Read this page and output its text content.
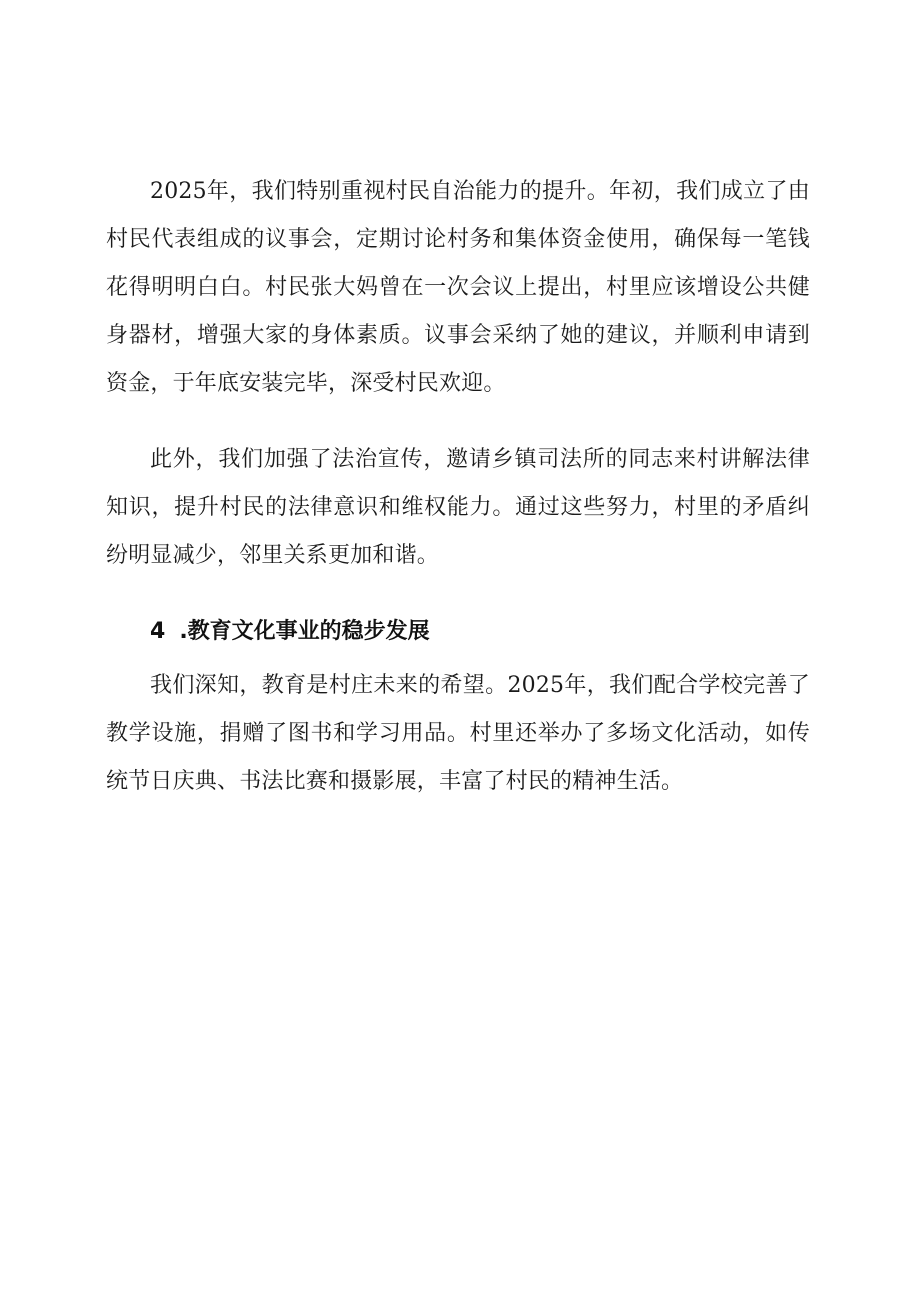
2025年，我们特别重视村民自治能力的提升。年初，我们成立了由村民代表组成的议事会，定期讨论村务和集体资金使用，确保每一笔钱花得明明白白。村民张大妈曾在一次会议上提出，村里应该增设公共健身器材，增强大家的身体素质。议事会采纳了她的建议，并顺利申请到资金，于年底安装完毕，深受村民欢迎。

此外，我们加强了法治宣传，邀请乡镇司法所的同志来村讲解法律知识，提升村民的法律意识和维权能力。通过这些努力，村里的矛盾纠纷明显减少，邻里关系更加和谐。

4 .教育文化事业的稳步发展

我们深知，教育是村庄未来的希望。2025年，我们配合学校完善了教学设施，捐赠了图书和学习用品。村里还举办了多场文化活动，如传统节日庆典、书法比赛和摄影展，丰富了村民的精神生活。
